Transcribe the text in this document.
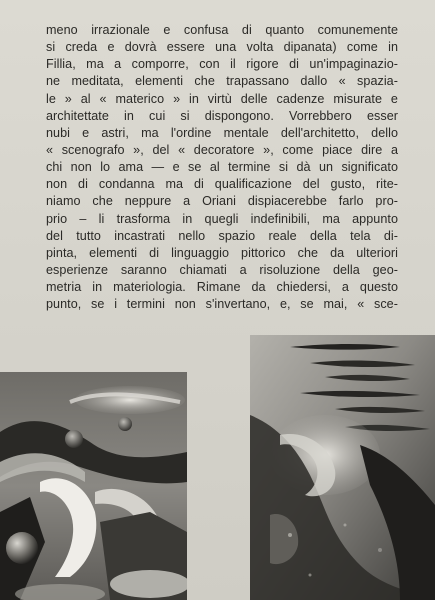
meno irrazionale e confusa di quanto comunemente
si creda e dovrà essere una volta dipanata) come in
Fillia, ma a comporre, con il rigore di un'impaginazio-
ne meditata, elementi che trapassano dallo « spazia-
le » al « materico » in virtù delle cadenze misurate e
architettate in cui si dispongono. Vorrebbero esser
nubi e astri, ma l'ordine mentale dell'architetto, dello
« scenografo », del « decoratore », come piace dire a
chi non lo ama — e se al termine si dà un significato
non di condanna ma di qualificazione del gusto, rite-
niamo che neppure a Oriani dispiacerebbe farlo pro-
prio – li trasforma in quegli indefinibili, ma appunto
del tutto incastrati nello spazio reale della tela di-
pinta, elementi di linguaggio pittorico che da ulteriori
esperienze saranno chiamati a risoluzione della geo-
metria in materiologia. Rimane da chiedersi, a questo
punto, se i termini non s'invertano, e, se mai, « sce-
